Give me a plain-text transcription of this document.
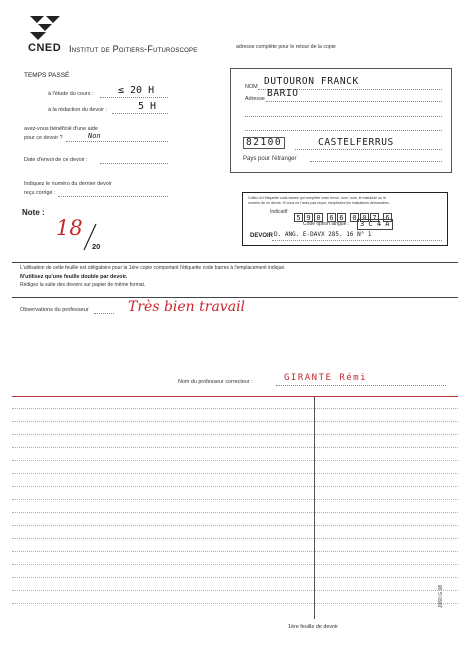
CNED Institut de Poitiers-Futuroscope	adresse complète pour le retour de la copie
TEMPS PASSÉ
à l'étude du cours : ≤ 20 H
à la rédaction du devoir :	5 H
avez-vous bénéficié d'une aide
pour ce devoir ?	Non
Date d'envoi de ce devoir :
Indiquez le numéro du dernier devoir
reçu corrigé :
Note :
18
20
NOM DUTOURON FRANCK
Adresse BARIO
82100	CASTELFERRUS
Pays pour l'étranger
Collez ici l'étiquette code-barres qui complète votre envoi, nom, nom, le matricule ou le
numéro de ce devoir. Si vous ne l'avez pas reçue, remplissez les indications demandées.
Indicatif
5 9 0 6 6 0 0 7 6
Code option langue :	3 C 4 A
DEVOIR D. ANG. E-DAVX 285. 16 N° 1
L'utilisation de cette feuille est obligatoire pour la 1ère copie comportant l'étiquette code barres à l'emplacement indiqué.
N'utilisez qu'une feuille double par devoir.
Rédigez la suite des devoirs sur papier de même format.
Observations du professeur	Très bien travail
Nom du professeur correcteur :	GIRANTE Rémi
1ère feuille de devoir
J060 G 08
